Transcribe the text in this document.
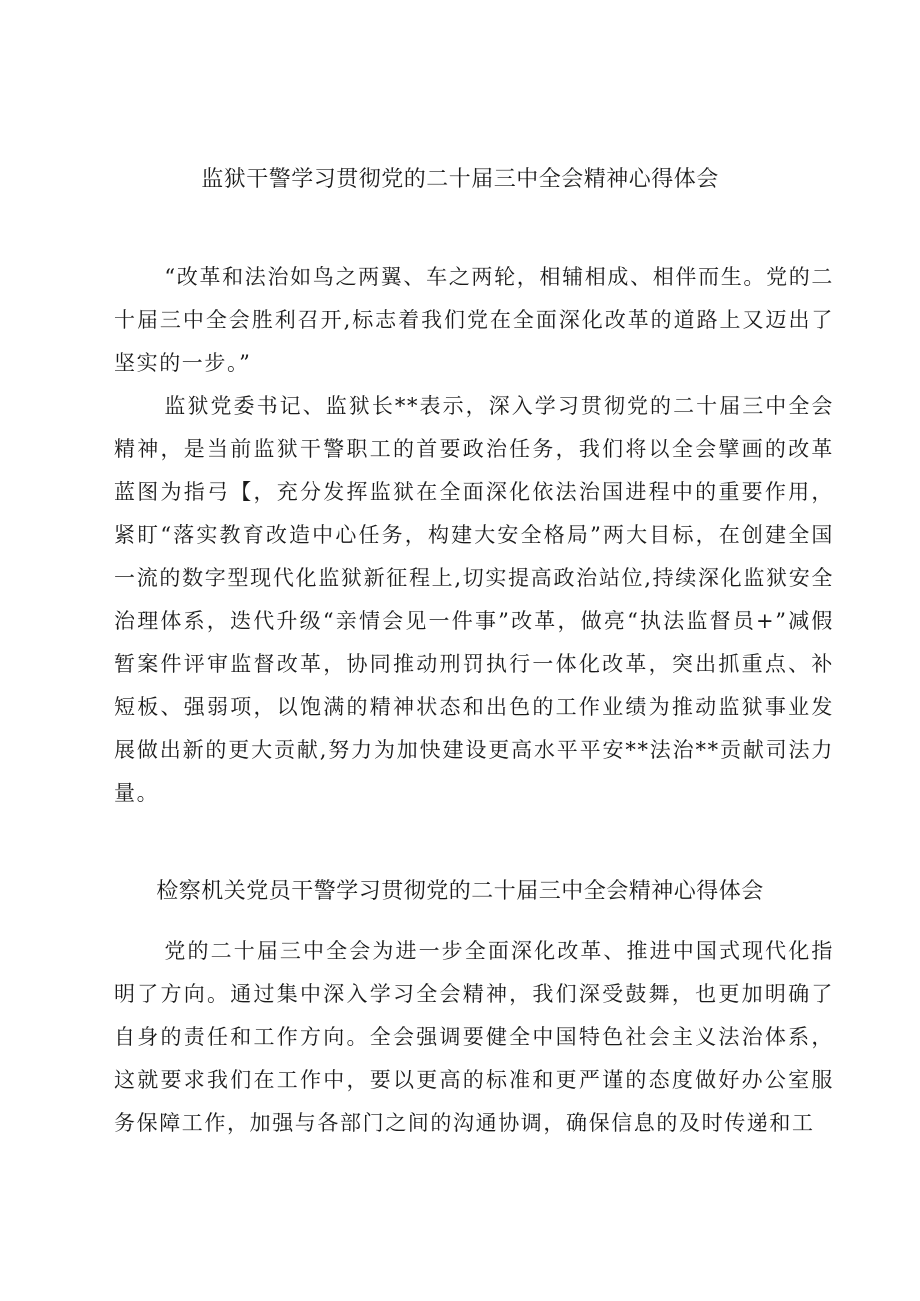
监狱干警学习贯彻党的二十届三中全会精神心得体会

“改革和法治如鸟之两翼、车之两轮，相辅相成、相伴而生。党的二十届三中全会胜利召开,标志着我们党在全面深化改革的道路上又迈出了坚实的一步。”

监狱党委书记、监狱长**表示，深入学习贯彻党的二十届三中全会精神，是当前监狱干警职工的首要政治任务，我们将以全会擘画的改革蓝图为指弓【，充分发挥监狱在全面深化依法治国进程中的重要作用，紧盯“落实教育改造中心任务，构建大安全格局”两大目标，在创建全国一流的数字型现代化监狱新征程上,切实提高政治站位,持续深化监狱安全治理体系，迭代升级“亲情会见一件事”改革，做亮“执法监督员+”减假暂案件评审监督改革，协同推动刑罚执行一体化改革，突出抓重点、补短板、强弱项，以饱满的精神状态和出色的工作业绩为推动监狱事业发展做出新的更大贡献,努力为加快建设更高水平平安**法治**贡献司法力量。

检察机关党员干警学习贯彻党的二十届三中全会精神心得体会

党的二十届三中全会为进一步全面深化改革、推进中国式现代化指明了方向。通过集中深入学习全会精神，我们深受鼓舞，也更加明确了自身的责任和工作方向。全会强调要健全中国特色社会主义法治体系，这就要求我们在工作中，要以更高的标准和更严谨的态度做好办公室服务保障工作，加强与各部门之间的沟通协调，确保信息的及时传递和工
